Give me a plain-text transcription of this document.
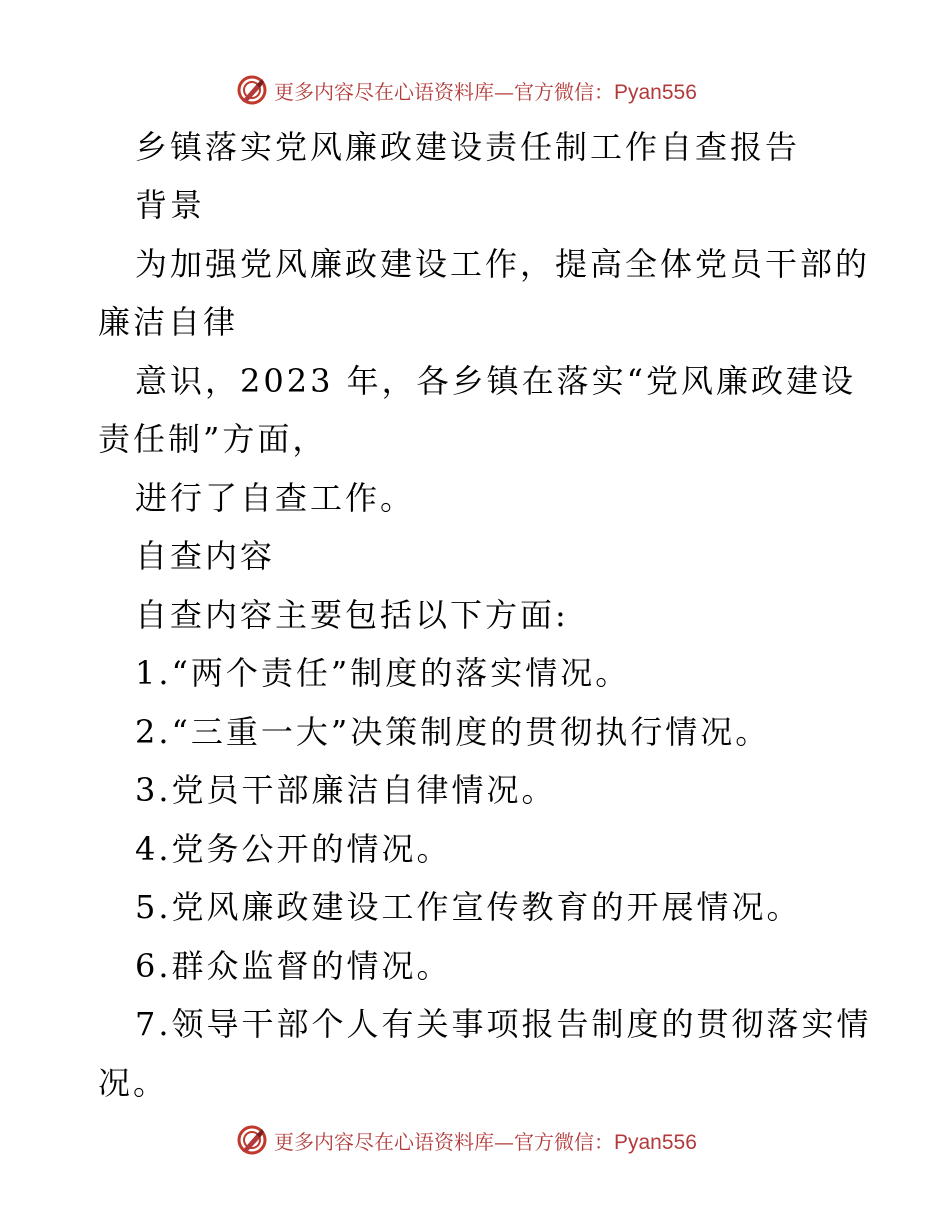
更多内容尽在心语资料库—官方微信：Pyan556
乡镇落实党风廉政建设责任制工作自查报告
背景
为加强党风廉政建设工作，提高全体党员干部的
廉洁自律
意识，2023 年，各乡镇在落实“党风廉政建设
责任制”方面，
进行了自查工作。
自查内容
自查内容主要包括以下方面:
1.“两个责任”制度的落实情况。
2.“三重一大”决策制度的贯彻执行情况。
3.党员干部廉洁自律情况。
4.党务公开的情况。
5.党风廉政建设工作宣传教育的开展情况。
6.群众监督的情况。
7.领导干部个人有关事项报告制度的贯彻落实情
况。
更多内容尽在心语资料库—官方微信：Pyan556
